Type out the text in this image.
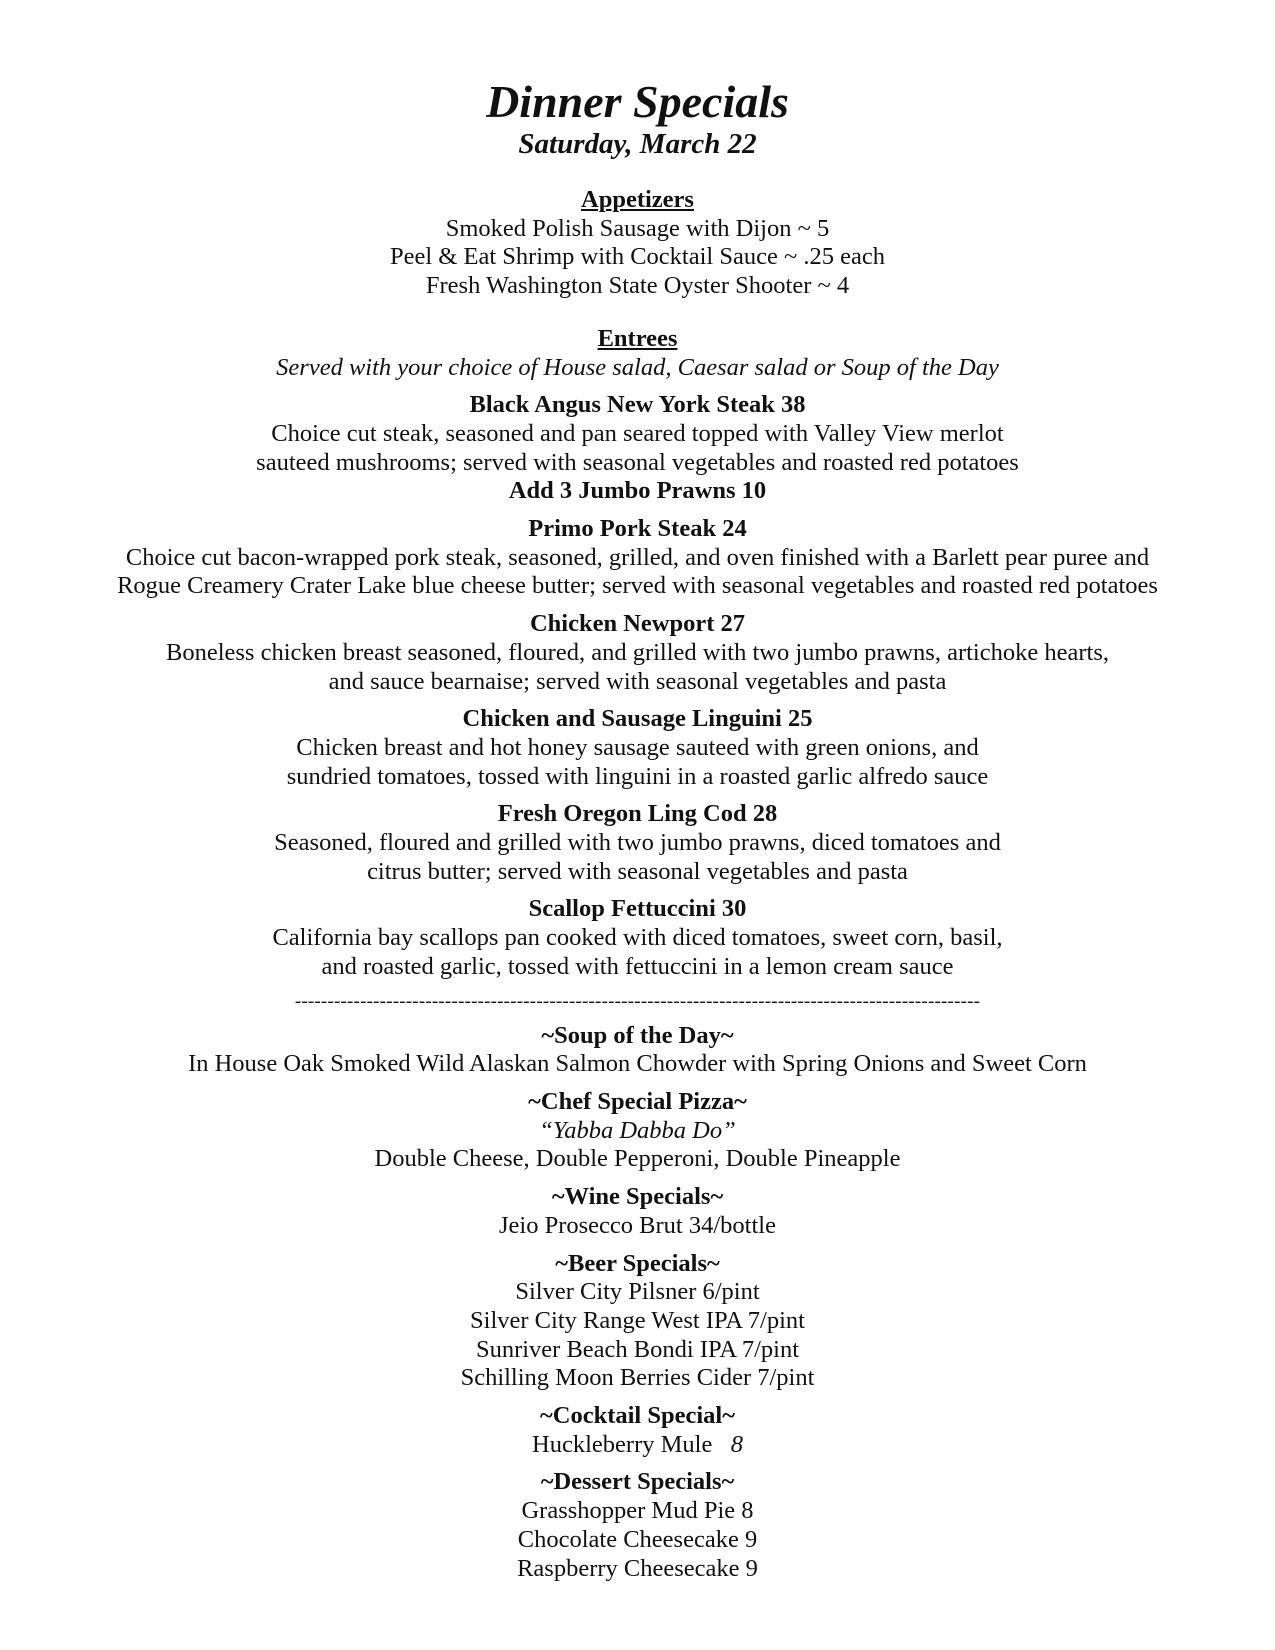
Dinner Specials
Saturday, March 22
Appetizers
Smoked Polish Sausage with Dijon ~ 5
Peel & Eat Shrimp with Cocktail Sauce ~ .25 each
Fresh Washington State Oyster Shooter ~ 4
Entrees
Served with your choice of House salad, Caesar salad or Soup of the Day
Black Angus New York Steak 38
Choice cut steak, seasoned and pan seared topped with Valley View merlot
sauteed mushrooms; served with seasonal vegetables and roasted red potatoes
Add 3 Jumbo Prawns 10
Primo Pork Steak 24
Choice cut bacon-wrapped pork steak, seasoned, grilled, and oven finished with a Barlett pear puree and
Rogue Creamery Crater Lake blue cheese butter; served with seasonal vegetables and roasted red potatoes
Chicken Newport 27
Boneless chicken breast seasoned, floured, and grilled with two jumbo prawns, artichoke hearts,
and sauce bearnaise; served with seasonal vegetables and pasta
Chicken and Sausage Linguini 25
Chicken breast and hot honey sausage sauteed with green onions, and
sundried tomatoes, tossed with linguini in a roasted garlic alfredo sauce
Fresh Oregon Ling Cod 28
Seasoned, floured and grilled with two jumbo prawns, diced tomatoes and
citrus butter; served with seasonal vegetables and pasta
Scallop Fettuccini 30
California bay scallops pan cooked with diced tomatoes, sweet corn, basil,
and roasted garlic, tossed with fettuccini in a lemon cream sauce
---------------------------------------------------------------------------------------------------------
~Soup of the Day~
In House Oak Smoked Wild Alaskan Salmon Chowder with Spring Onions and Sweet Corn
~Chef Special Pizza~
“Yabba Dabba Do”
Double Cheese, Double Pepperoni, Double Pineapple
~Wine Specials~
Jeio Prosecco Brut 34/bottle
~Beer Specials~
Silver City Pilsner 6/pint
Silver City Range West IPA 7/pint
Sunriver Beach Bondi IPA 7/pint
Schilling Moon Berries Cider 7/pint
~Cocktail Special~
Huckleberry Mule   8
~Dessert Specials~
Grasshopper Mud Pie 8
Chocolate Cheesecake 9
Raspberry Cheesecake 9
